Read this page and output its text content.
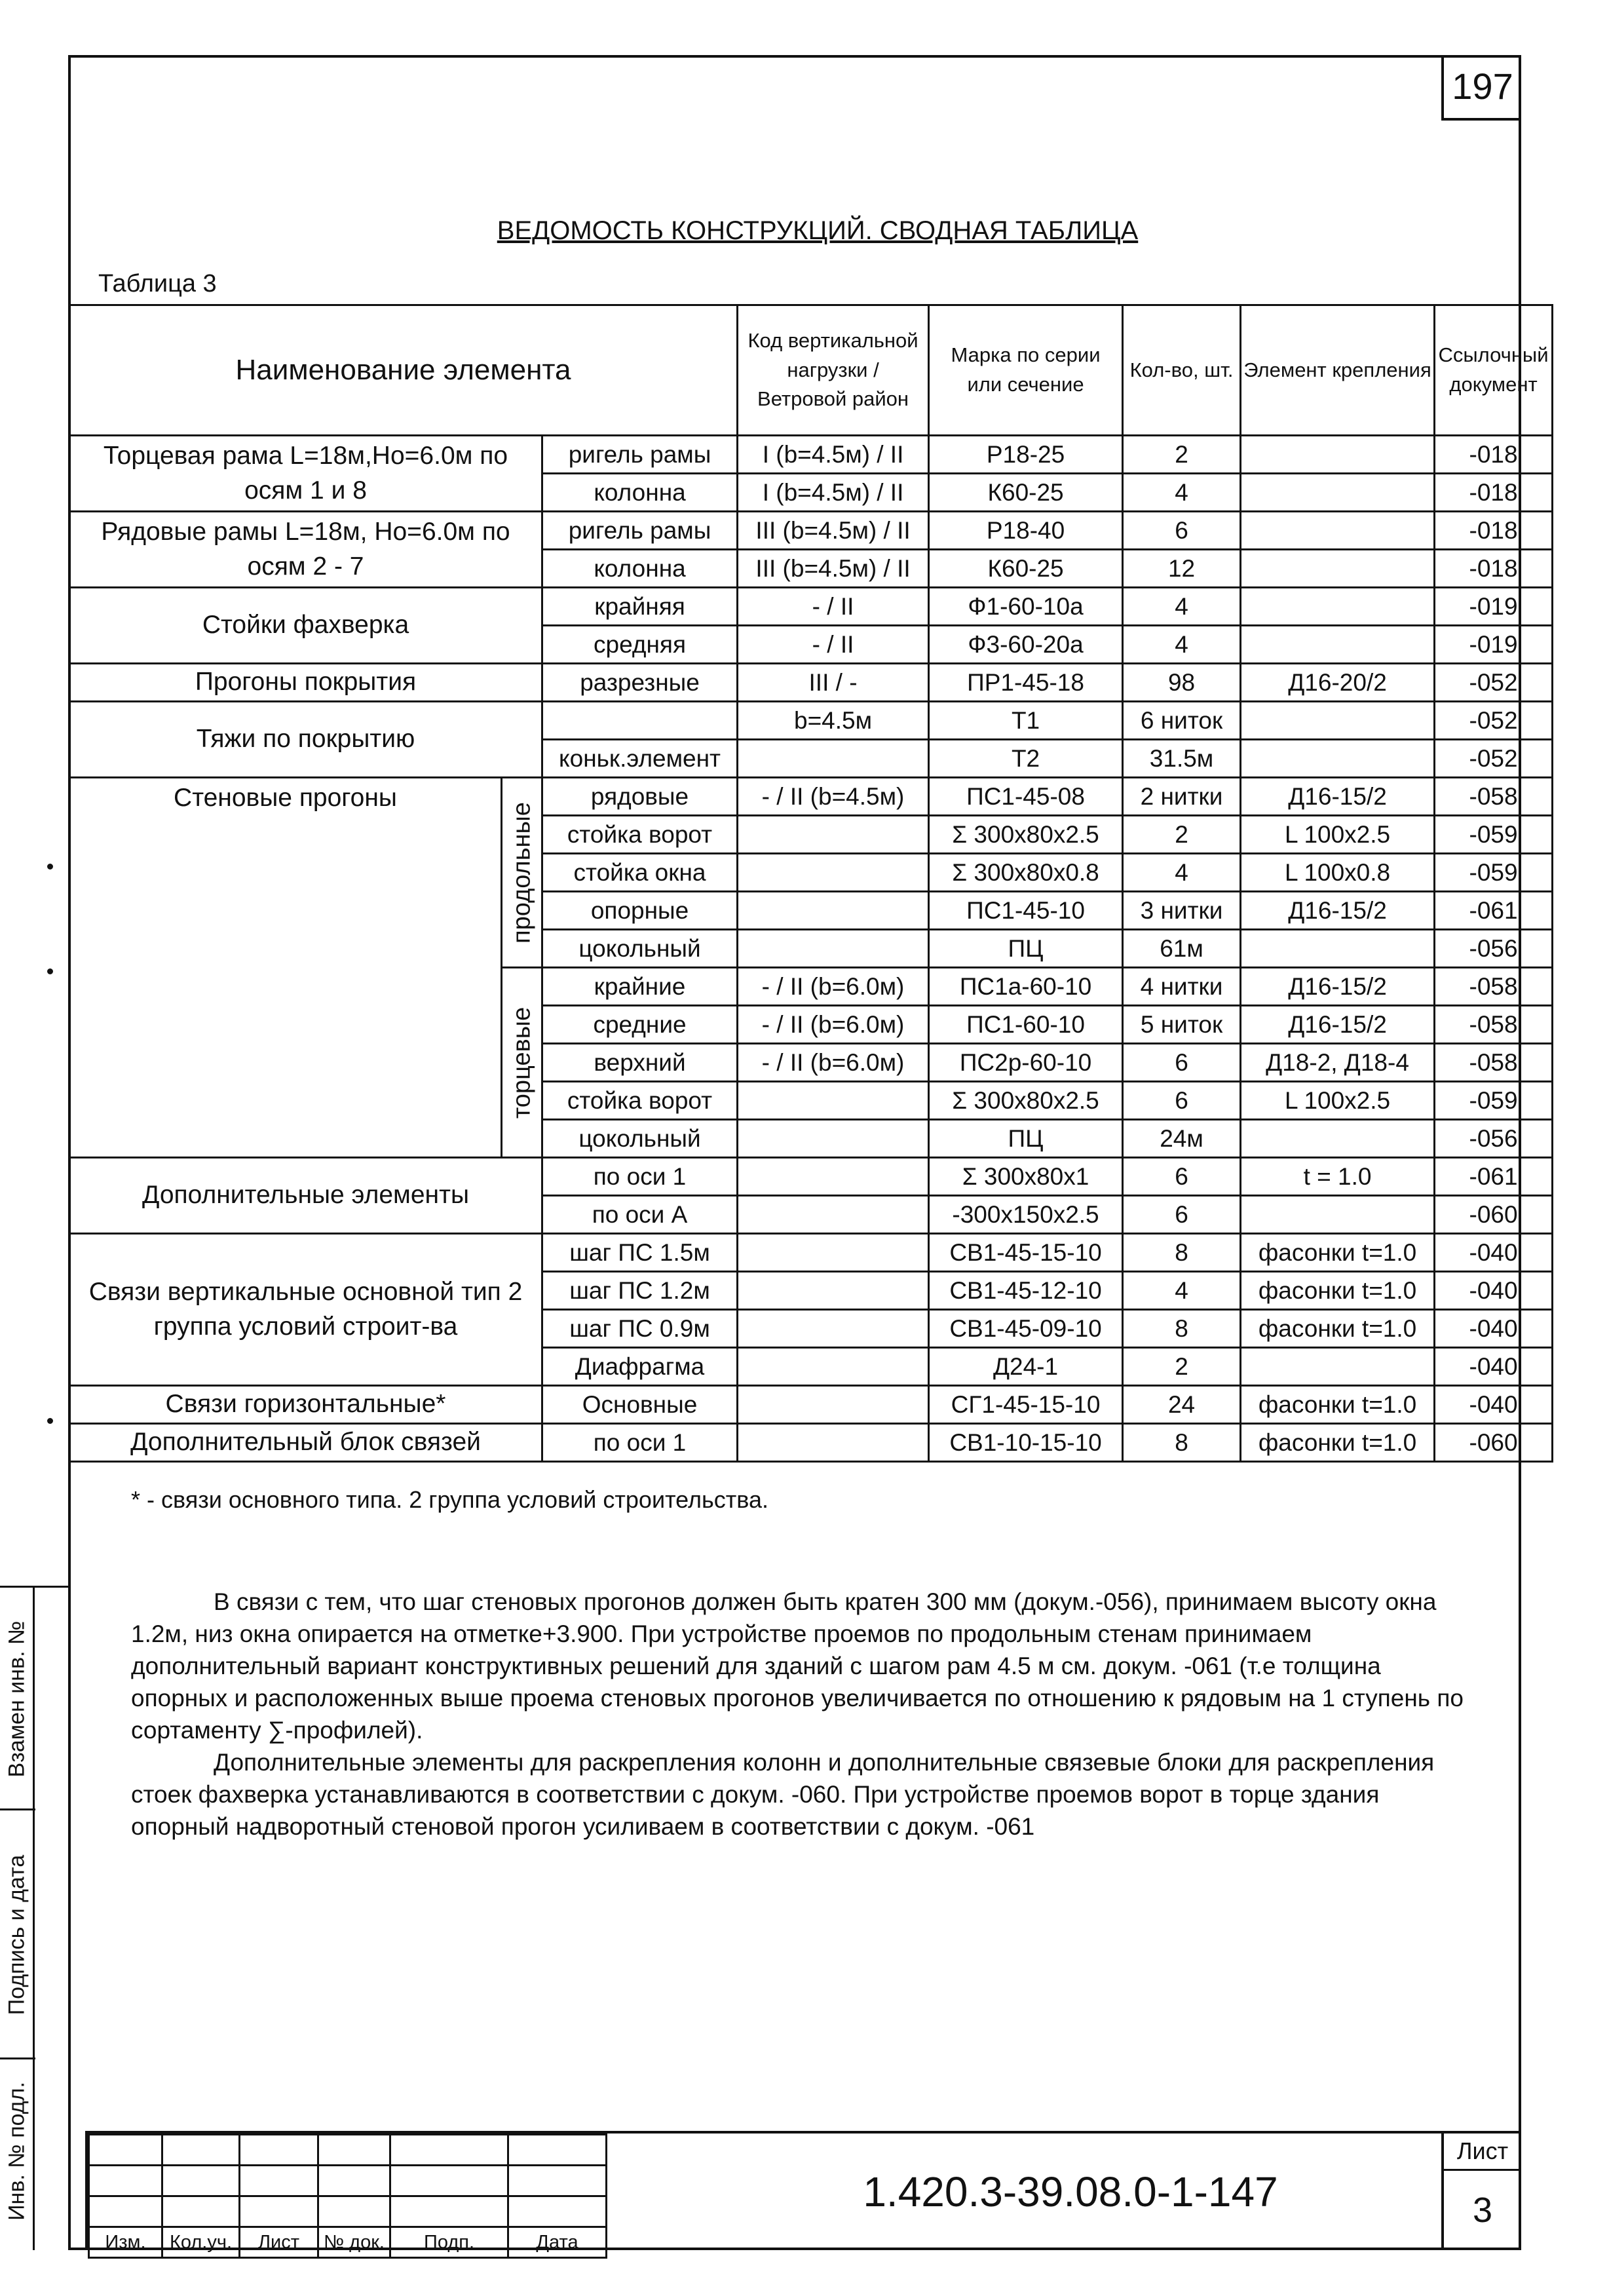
197
ВЕДОМОСТЬ КОНСТРУКЦИЙ. СВОДНАЯ ТАБЛИЦА
Таблица 3
Наименование элемента			Код вертикальной нагрузки / Ветровой район	Марка по серии или сечение	Кол-во, шт.	Элемент крепления	Ссылочный документ
Торцевая рама L=18м,Hо=6.0м по осям 1 и 8		ригель рамы	I (b=4.5м) / II	Р18-25	2		-018
		колонна	I (b=4.5м) / II	К60-25	4		-018
Рядовые рамы L=18м, Hо=6.0м по осям 2 - 7		ригель рамы	III (b=4.5м) / II	Р18-40	6		-018
		колонна	III (b=4.5м) / II	К60-25	12		-018
Стойки фахверка		крайняя	- / II	Ф1-60-10а	4		-019
		средняя	- / II	Ф3-60-20а	4		-019
Прогоны покрытия		разрезные	III / -	ПР1-45-18	98	Д16-20/2	-052
Тяжи по покрытию			b=4.5м	Т1	6 ниток		-052
		коньк.элемент		Т2	31.5м		-052
Стеновые прогоны	продольные	рядовые	- / II (b=4.5м)	ПС1-45-08	2 нитки	Д16-15/2	-058
		стойка ворот		Σ 300х80х2.5	2	L 100x2.5	-059
		стойка окна		Σ 300х80х0.8	4	L 100x0.8	-059
		опорные		ПС1-45-10	3 нитки	Д16-15/2	-061
		цокольный		ПЦ	61м		-056

	торцевые	крайние	- / II (b=6.0м)	ПС1а-60-10	4 нитки	Д16-15/2	-058
		средние	- / II (b=6.0м)	ПС1-60-10	5 ниток	Д16-15/2	-058
		верхний	- / II (b=6.0м)	ПС2р-60-10	6	Д18-2, Д18-4	-058
		стойка ворот		Σ 300х80х2.5	6	L 100x2.5	-059
		цокольный		ПЦ	24м		-056
Дополнительные элементы		по оси 1		Σ 300х80х1	6	t = 1.0	-061
		по оси А		-300x150x2.5	6		-060
Связи вертикальные основной тип 2 группа условий строит-ва		шаг ПС 1.5м		СВ1-45-15-10	8	фасонки t=1.0	-040
		шаг ПС 1.2м		СВ1-45-12-10	4	фасонки t=1.0	-040
		шаг ПС 0.9м		СВ1-45-09-10	8	фасонки t=1.0	-040
		Диафрагма		Д24-1	2		-040
Связи горизонтальные*		Основные		СГ1-45-15-10	24	фасонки t=1.0	-040
Дополнительный блок связей		по оси 1		СВ1-10-15-10	8	фасонки t=1.0	-060
* - связи основного типа. 2 группа условий строительства.

В связи с тем, что шаг стеновых прогонов должен быть кратен 300 мм (докум.-056), принимаем высоту окна 1.2м, низ окна опирается на отметке+3.900. При устройстве проемов по продольным стенам принимаем дополнительный вариант конструктивных решений для зданий с шагом рам 4.5 м см. докум. -061 (т.е толщина опорных и расположенных выше проема стеновых прогонов увеличивается по отношению к рядовым на 1 ступень по сортаменту ∑-профилей).

Дополнительные элементы для раскрепления колонн и дополнительные связевые блоки для раскрепления стоек фахверка устанавливаются в соответствии с докум. -060. При устройстве проемов ворот в торце здания опорный надворотный стеновой прогон усиливаем в соответствии с докум. -061

Взамен инв. №
Подпись и дата
Инв. № подл.

Изм.	Кол.уч.	Лист	№ док.	Подп.	Дата
1.420.3-39.08.0-1-147
Лист
3
